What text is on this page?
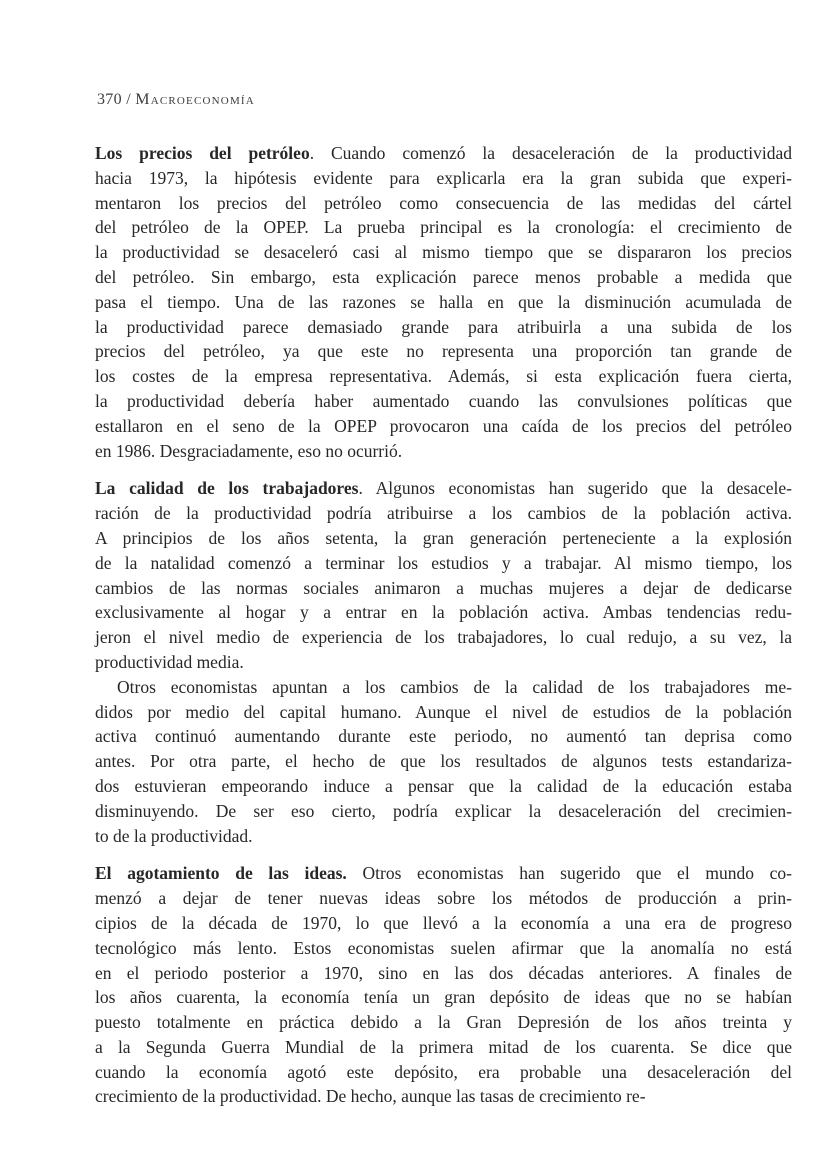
370 / Macroeconomía
Los precios del petróleo. Cuando comenzó la desaceleración de la productividad
hacia 1973, la hipótesis evidente para explicarla era la gran subida que experi-
mentaron los precios del petróleo como consecuencia de las medidas del cártel
del petróleo de la OPEP. La prueba principal es la cronología: el crecimiento de
la productividad se desaceleró casi al mismo tiempo que se dispararon los precios
del petróleo. Sin embargo, esta explicación parece menos probable a medida que
pasa el tiempo. Una de las razones se halla en que la disminución acumulada de
la productividad parece demasiado grande para atribuirla a una subida de los
precios del petróleo, ya que este no representa una proporción tan grande de
los costes de la empresa representativa. Además, si esta explicación fuera cierta,
la productividad debería haber aumentado cuando las convulsiones políticas que
estallaron en el seno de la OPEP provocaron una caída de los precios del petróleo
en 1986. Desgraciadamente, eso no ocurrió.
La calidad de los trabajadores. Algunos economistas han sugerido que la desacele-
ración de la productividad podría atribuirse a los cambios de la población activa.
A principios de los años setenta, la gran generación perteneciente a la explosión
de la natalidad comenzó a terminar los estudios y a trabajar. Al mismo tiempo, los
cambios de las normas sociales animaron a muchas mujeres a dejar de dedicarse
exclusivamente al hogar y a entrar en la población activa. Ambas tendencias redu-
jeron el nivel medio de experiencia de los trabajadores, lo cual redujo, a su vez, la
productividad media.
Otros economistas apuntan a los cambios de la calidad de los trabajadores me-
didos por medio del capital humano. Aunque el nivel de estudios de la población
activa continuó aumentando durante este periodo, no aumentó tan deprisa como
antes. Por otra parte, el hecho de que los resultados de algunos tests estandariza-
dos estuvieran empeorando induce a pensar que la calidad de la educación estaba
disminuyendo. De ser eso cierto, podría explicar la desaceleración del crecimien-
to de la productividad.
El agotamiento de las ideas. Otros economistas han sugerido que el mundo co-
menzó a dejar de tener nuevas ideas sobre los métodos de producción a prin-
cipios de la década de 1970, lo que llevó a la economía a una era de progreso
tecnológico más lento. Estos economistas suelen afirmar que la anomalía no está
en el periodo posterior a 1970, sino en las dos décadas anteriores. A finales de
los años cuarenta, la economía tenía un gran depósito de ideas que no se habían
puesto totalmente en práctica debido a la Gran Depresión de los años treinta y
a la Segunda Guerra Mundial de la primera mitad de los cuarenta. Se dice que
cuando la economía agotó este depósito, era probable una desaceleración del
crecimiento de la productividad. De hecho, aunque las tasas de crecimiento re-
